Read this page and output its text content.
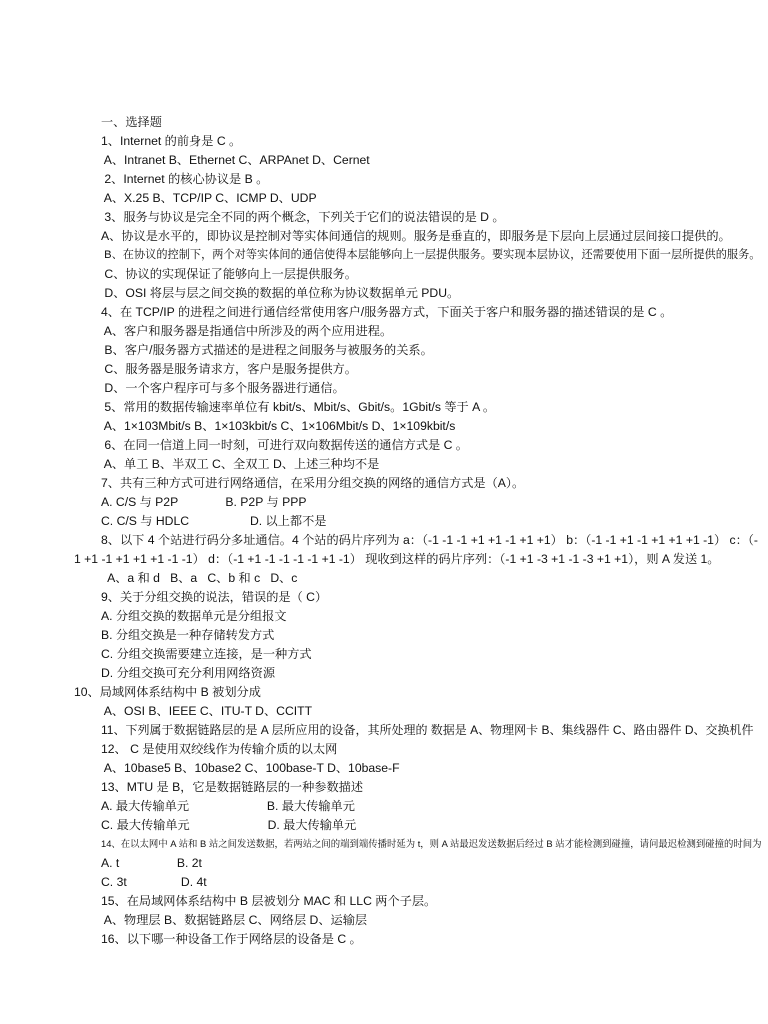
一、选择题
1、Internet 的前身是 C 。
A、Intranet B、Ethernet C、ARPAnet D、Cernet
2、Internet 的核心协议是 B 。
A、X.25 B、TCP/IP C、ICMP D、UDP
3、服务与协议是完全不同的两个概念，下列关于它们的说法错误的是 D 。
A、协议是水平的，即协议是控制对等实体间通信的规则。服务是垂直的，即服务是下层向上层通过层间接口提供的。
B、在协议的控制下，两个对等实体间的通信使得本层能够向上一层提供服务。要实现本层协议，还需要使用下面一层所提供的服务。
C、协议的实现保证了能够向上一层提供服务。
D、OSI 将层与层之间交换的数据的单位称为协议数据单元 PDU。
4、在 TCP/IP 的进程之间进行通信经常使用客户/服务器方式，下面关于客户和服务器的描述错误的是 C 。
A、客户和服务器是指通信中所涉及的两个应用进程。
B、客户/服务器方式描述的是进程之间服务与被服务的关系。
C、服务器是服务请求方，客户是服务提供方。
D、一个客户程序可与多个服务器进行通信。
5、常用的数据传输速率单位有 kbit/s、Mbit/s、Gbit/s。1Gbit/s 等于 A 。
A、1×103Mbit/s B、1×103kbit/s C、1×106Mbit/s D、1×109kbit/s
6、在同一信道上同一时刻，可进行双向数据传送的通信方式是 C 。
A、单工 B、半双工 C、全双工 D、上述三种均不是
7、共有三种方式可进行网络通信，在采用分组交换的网络的通信方式是（A）。
A. C/S 与 P2P              B. P2P 与 PPP
C. C/S 与 HDLC                  D. 以上都不是
8、以下 4 个站进行码分多址通信。4 个站的码片序列为 a：（-1 -1 -1 +1 +1 -1 +1 +1） b：（-1 -1 +1 -1 +1 +1 +1 -1） c：（-
1 +1 -1 +1 +1 +1 -1 -1） d：（-1 +1 -1 -1 -1 -1 +1 -1） 现收到这样的码片序列：（-1 +1 -3 +1 -1 -3 +1 +1），则 A 发送 1。
A、a 和 d   B、a   C、b 和 c   D、c
9、关于分组交换的说法，错误的是（ C）
A. 分组交换的数据单元是分组报文
B. 分组交换是一种存储转发方式
C. 分组交换需要建立连接，是一种方式
D. 分组交换可充分利用网络资源
10、局域网体系结构中 B 被划分成
A、OSI B、IEEE C、ITU-T D、CCITT
11、下列属于数据链路层的是 A 层所应用的设备，其所处理的 数据是 A、物理网卡 B、集线器件 C、路由器件 D、交换机件
12、 C 是使用双绞线作为传输介质的以太网
A、10base5 B、10base2 C、100base-T D、10base-F
13、MTU 是 B，它是数据链路层的一种参数描述
A. 最大传输单元                       B. 最大传输单元
C. 最大传输单元                       D. 最大传输单元
14、在以太网中 A 站和 B 站之间发送数据，若两站之间的端到端传播时延为 t，则 A 站最迟发送数据后经过 B 站才能检测到碰撞，请问最迟检测到碰撞的时间为
A. t                 B. 2t
C. 3t                D. 4t
15、在局域网体系结构中 B 层被划分 MAC 和 LLC 两个子层。
A、物理层 B、数据链路层 C、网络层 D、运输层
16、以下哪一种设备工作于网络层的设备是 C 。
